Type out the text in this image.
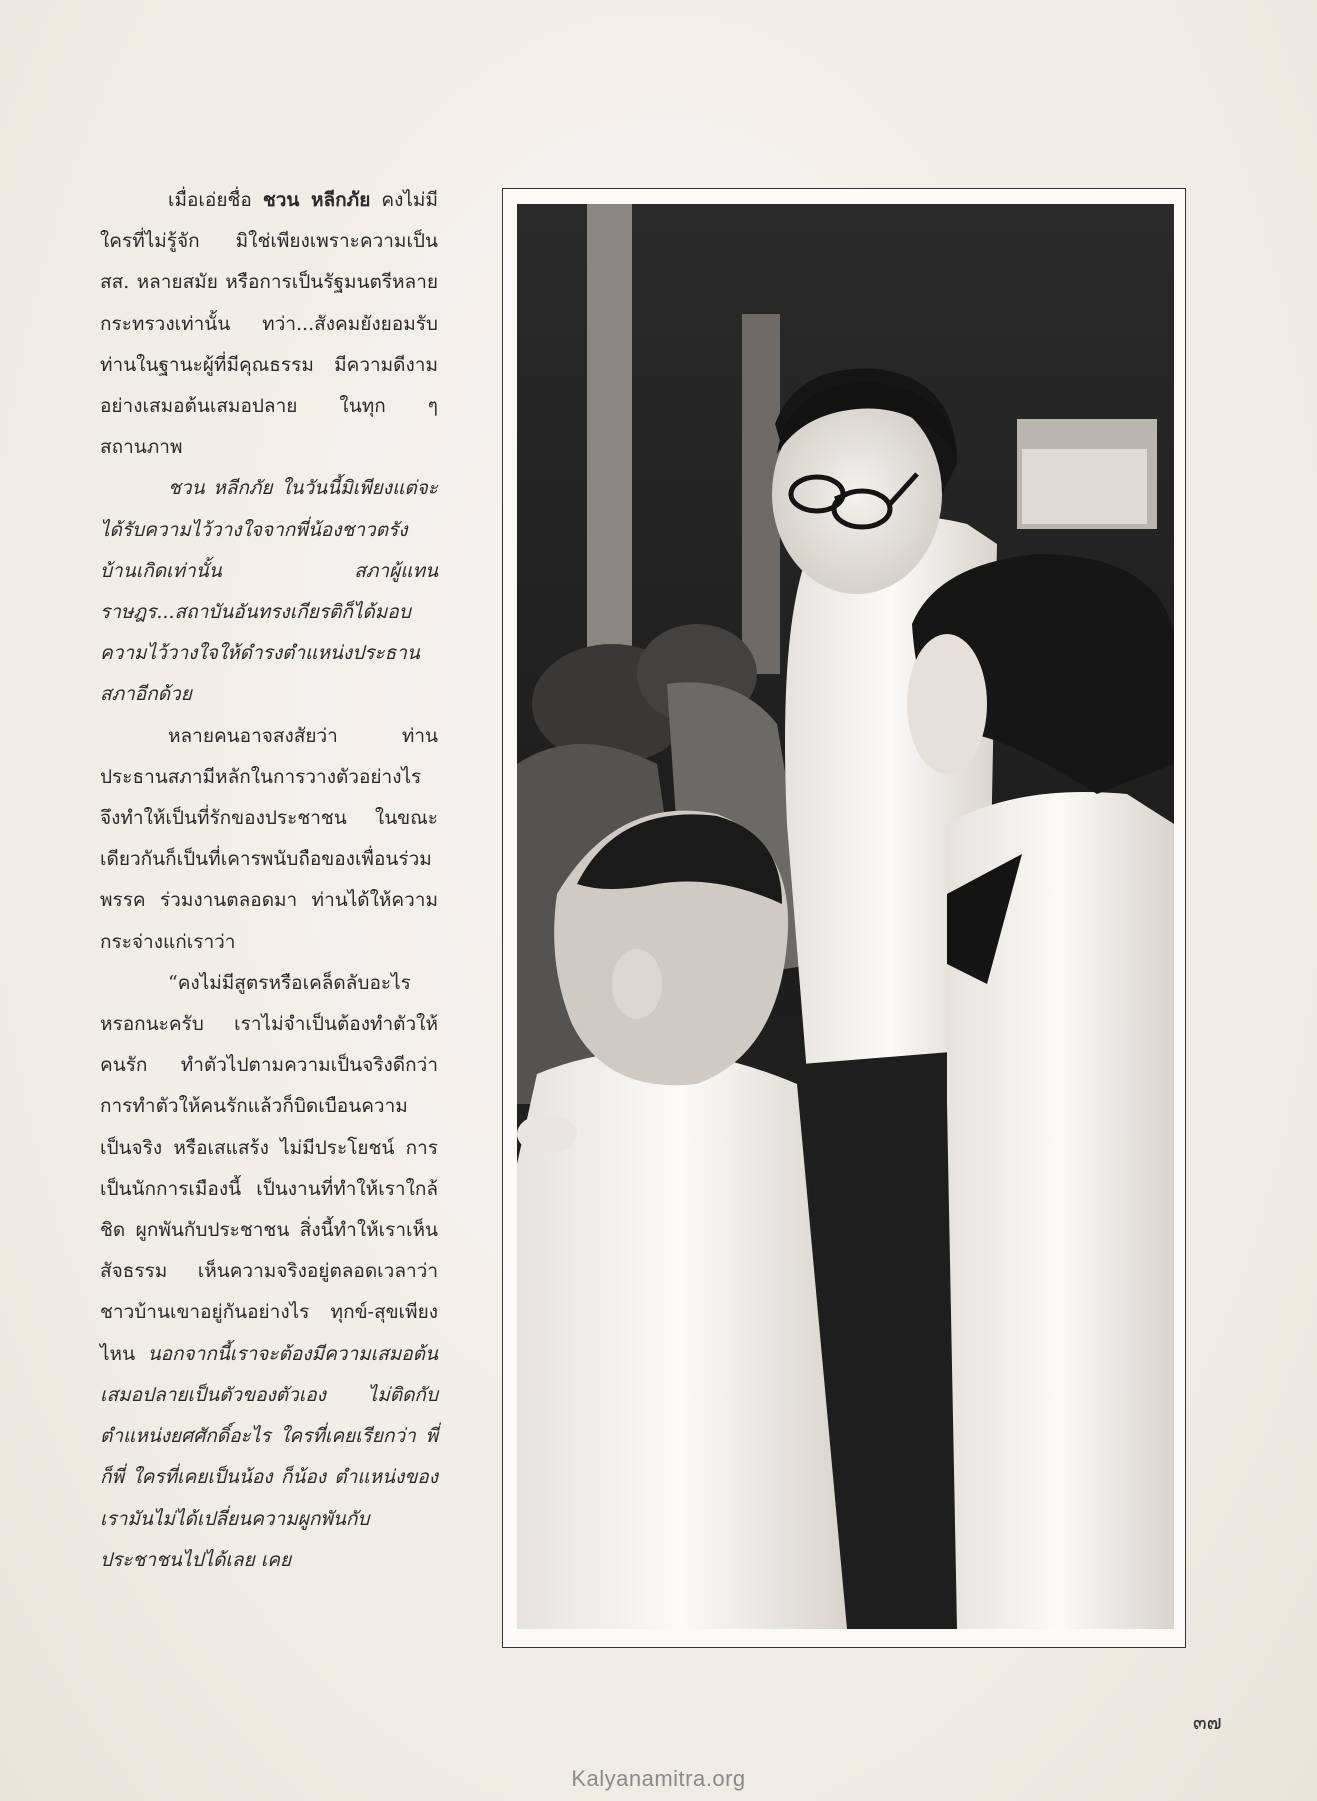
เมื่อเอ่ยชื่อ ชวน หลีกภัย คงไม่มีใครที่ไม่รู้จัก มิใช่เพียงเพราะความเป็น สส. หลายสมัย หรือการเป็นรัฐมนตรีหลายกระทรวงเท่านั้น ทว่า...สังคมยังยอมรับท่านในฐานะผู้ที่มีคุณธรรม มีความดีงามอย่างเสมอต้นเสมอปลาย ในทุก ๆ สถานภาพ

ชวน หลีกภัย ในวันนี้มิเพียงแต่จะได้รับความไว้วางใจจากพี่น้องชาวตรังบ้านเกิดเท่านั้น สภาผู้แทนราษฎร...สถาบันอันทรงเกียรติก็ได้มอบความไว้วางใจให้ดำรงตำแหน่งประธานสภาอีกด้วย

หลายคนอาจสงสัยว่า ท่านประธานสภามีหลักในการวางตัวอย่างไร จึงทำให้เป็นที่รักของประชาชน ในขณะเดียวกันก็เป็นที่เคารพนับถือของเพื่อนร่วมพรรค ร่วมงานตลอดมา ท่านได้ให้ความกระจ่างแก่เราว่า

“คงไม่มีสูตรหรือเคล็ดลับอะไรหรอกนะครับ เราไม่จำเป็นต้องทำตัวให้คนรัก ทำตัวไปตามความเป็นจริงดีกว่า การทำตัวให้คนรักแล้วก็บิดเบือนความเป็นจริง หรือเสแสร้ง ไม่มีประโยชน์ การเป็นนักการเมืองนี้ เป็นงานที่ทำให้เราใกล้ชิด ผูกพันกับประชาชน สิ่งนี้ทำให้เราเห็นสัจธรรม เห็นความจริงอยู่ตลอดเวลาว่า ชาวบ้านเขาอยู่กันอย่างไร ทุกข์-สุขเพียงไหน นอกจากนี้เราจะต้องมีความเสมอต้นเสมอปลายเป็นตัวของตัวเอง ไม่ติดกับตำแหน่งยศศักดิ์อะไร ใครที่เคยเรียกว่า พี่ ก็พี่ ใครที่เคยเป็นน้อง ก็น้อง ตำแหน่งของเรามันไม่ได้เปลี่ยนความผูกพันกับประชาชนไปได้เลย เคย

๓๗
Kalyanamitra.org
